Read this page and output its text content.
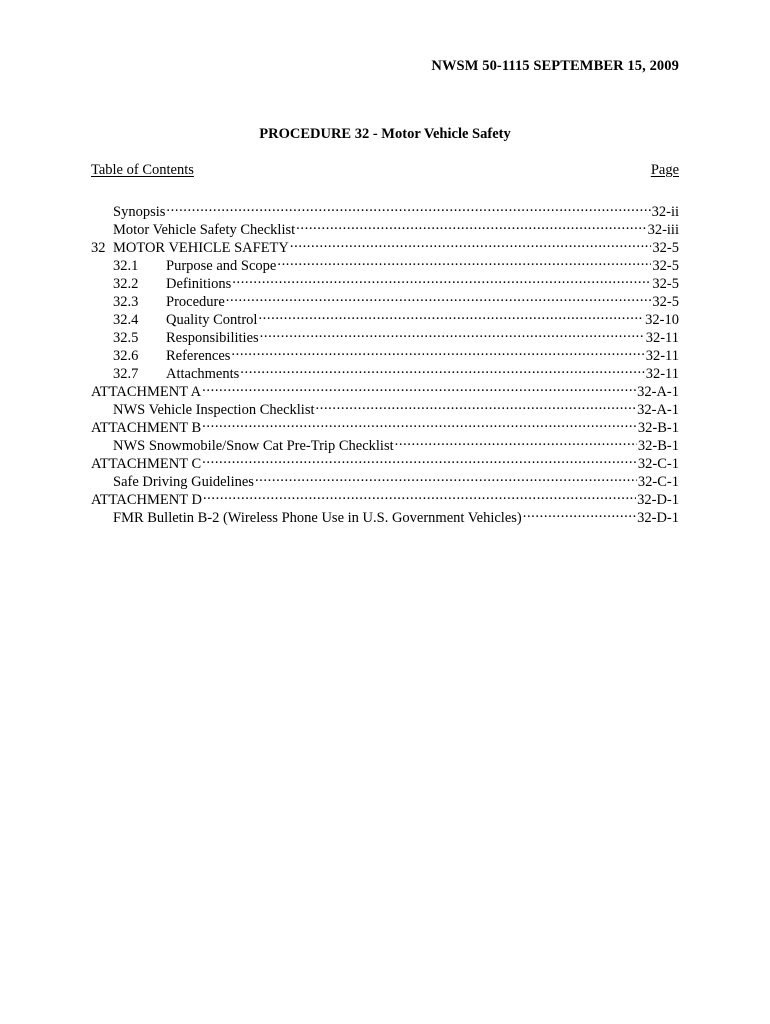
NWSM 50-1115 SEPTEMBER 15, 2009
PROCEDURE 32 - Motor Vehicle Safety
Table of Contents	Page
Synopsis .....	32-ii
Motor Vehicle Safety Checklist .....	32-iii
32 MOTOR VEHICLE SAFETY .....	32-5
32.1	Purpose and Scope .....	32-5
32.2	Definitions .....	32-5
32.3	Procedure .....	32-5
32.4	Quality Control .....	32-10
32.5	Responsibilities .....	32-11
32.6	References .....	32-11
32.7	Attachments .....	32-11
ATTACHMENT A .....	32-A-1
NWS Vehicle Inspection Checklist .....	32-A-1
ATTACHMENT B .....	32-B-1
NWS Snowmobile/Snow Cat Pre-Trip Checklist .....	32-B-1
ATTACHMENT C .....	32-C-1
Safe Driving Guidelines .....	32-C-1
ATTACHMENT D .....	32-D-1
FMR Bulletin B-2 (Wireless Phone Use in U.S. Government Vehicles) .....	32-D-1
